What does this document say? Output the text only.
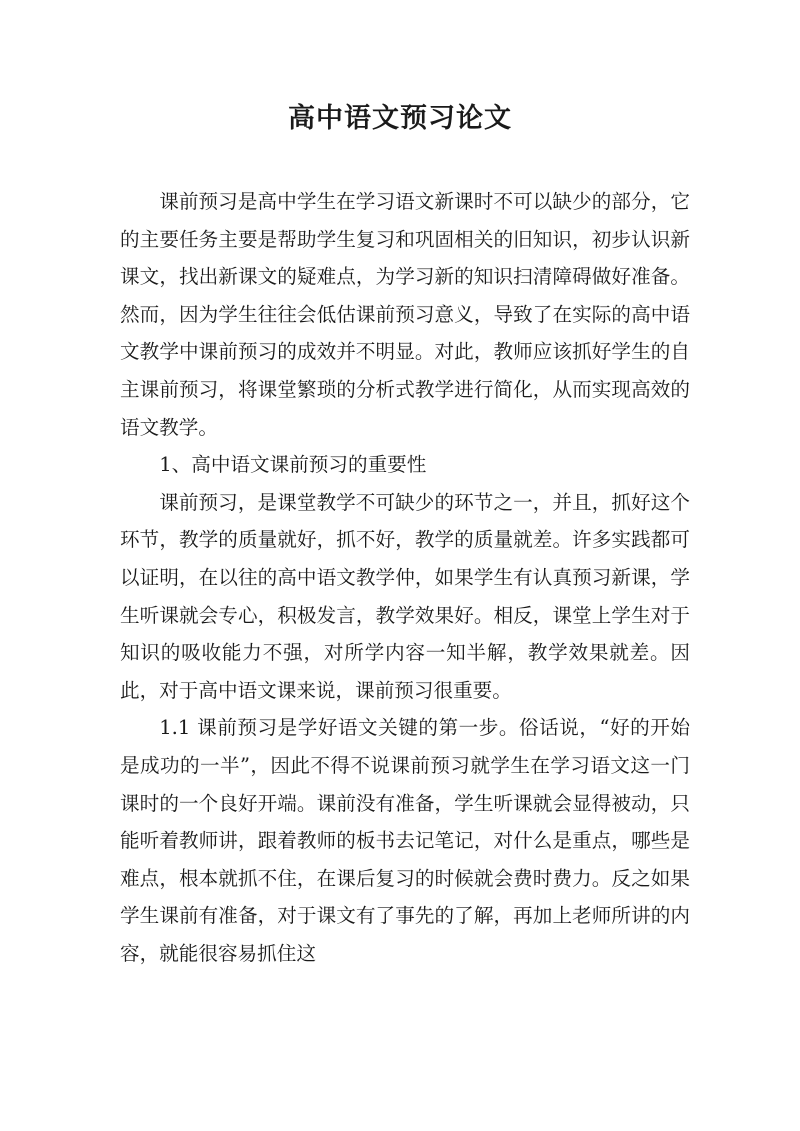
高中语文预习论文

课前预习是高中学生在学习语文新课时不可以缺少的部分，它的主要任务主要是帮助学生复习和巩固相关的旧知识，初步认识新课文，找出新课文的疑难点，为学习新的知识扫清障碍做好准备。然而，因为学生往往会低估课前预习意义，导致了在实际的高中语文教学中课前预习的成效并不明显。对此，教师应该抓好学生的自主课前预习，将课堂繁琐的分析式教学进行简化，从而实现高效的语文教学。

1、高中语文课前预习的重要性

课前预习，是课堂教学不可缺少的环节之一，并且，抓好这个环节，教学的质量就好，抓不好，教学的质量就差。许多实践都可以证明，在以往的高中语文教学仲，如果学生有认真预习新课，学生听课就会专心，积极发言，教学效果好。相反，课堂上学生对于知识的吸收能力不强，对所学内容一知半解，教学效果就差。因此，对于高中语文课来说，课前预习很重要。

1.1 课前预习是学好语文关键的第一步。俗话说，“好的开始是成功的一半”，因此不得不说课前预习就学生在学习语文这一门课时的一个良好开端。课前没有准备，学生听课就会显得被动，只能听着教师讲，跟着教师的板书去记笔记，对什么是重点，哪些是难点，根本就抓不住，在课后复习的时候就会费时费力。反之如果学生课前有准备，对于课文有了事先的了解，再加上老师所讲的内容，就能很容易抓住这
